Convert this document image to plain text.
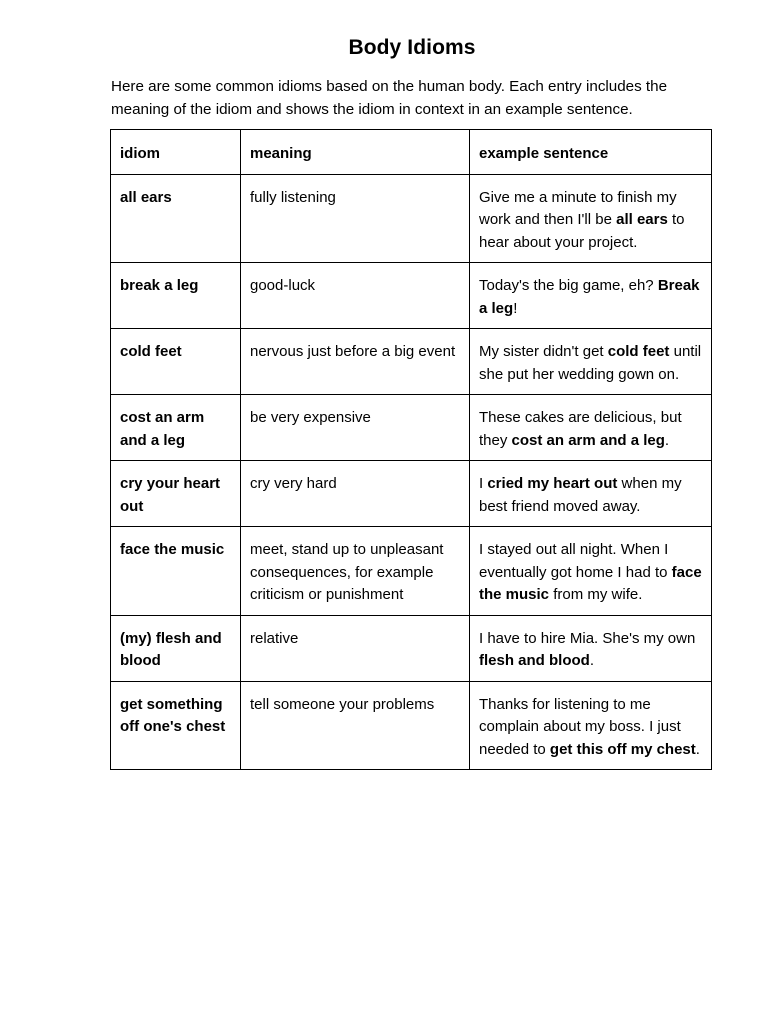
Body Idioms

Here are some common idioms based on the human body. Each entry includes the meaning of the idiom and shows the idiom in context in an example sentence.

idiom	meaning	example sentence
all ears	fully listening	Give me a minute to finish my work and then I'll be all ears to hear about your project.
break a leg	good-luck	Today's the big game, eh? Break a leg!
cold feet	nervous just before a big event	My sister didn't get cold feet until she put her wedding gown on.
cost an arm and a leg	be very expensive	These cakes are delicious, but they cost an arm and a leg.
cry your heart out	cry very hard	I cried my heart out when my best friend moved away.
face the music	meet, stand up to unpleasant consequences, for example criticism or punishment	I stayed out all night. When I eventually got home I had to face the music from my wife.
(my) flesh and blood	relative	I have to hire Mia. She's my own flesh and blood.
get something off one's chest	tell someone your problems	Thanks for listening to me complain about my boss. I just needed to get this off my chest.
